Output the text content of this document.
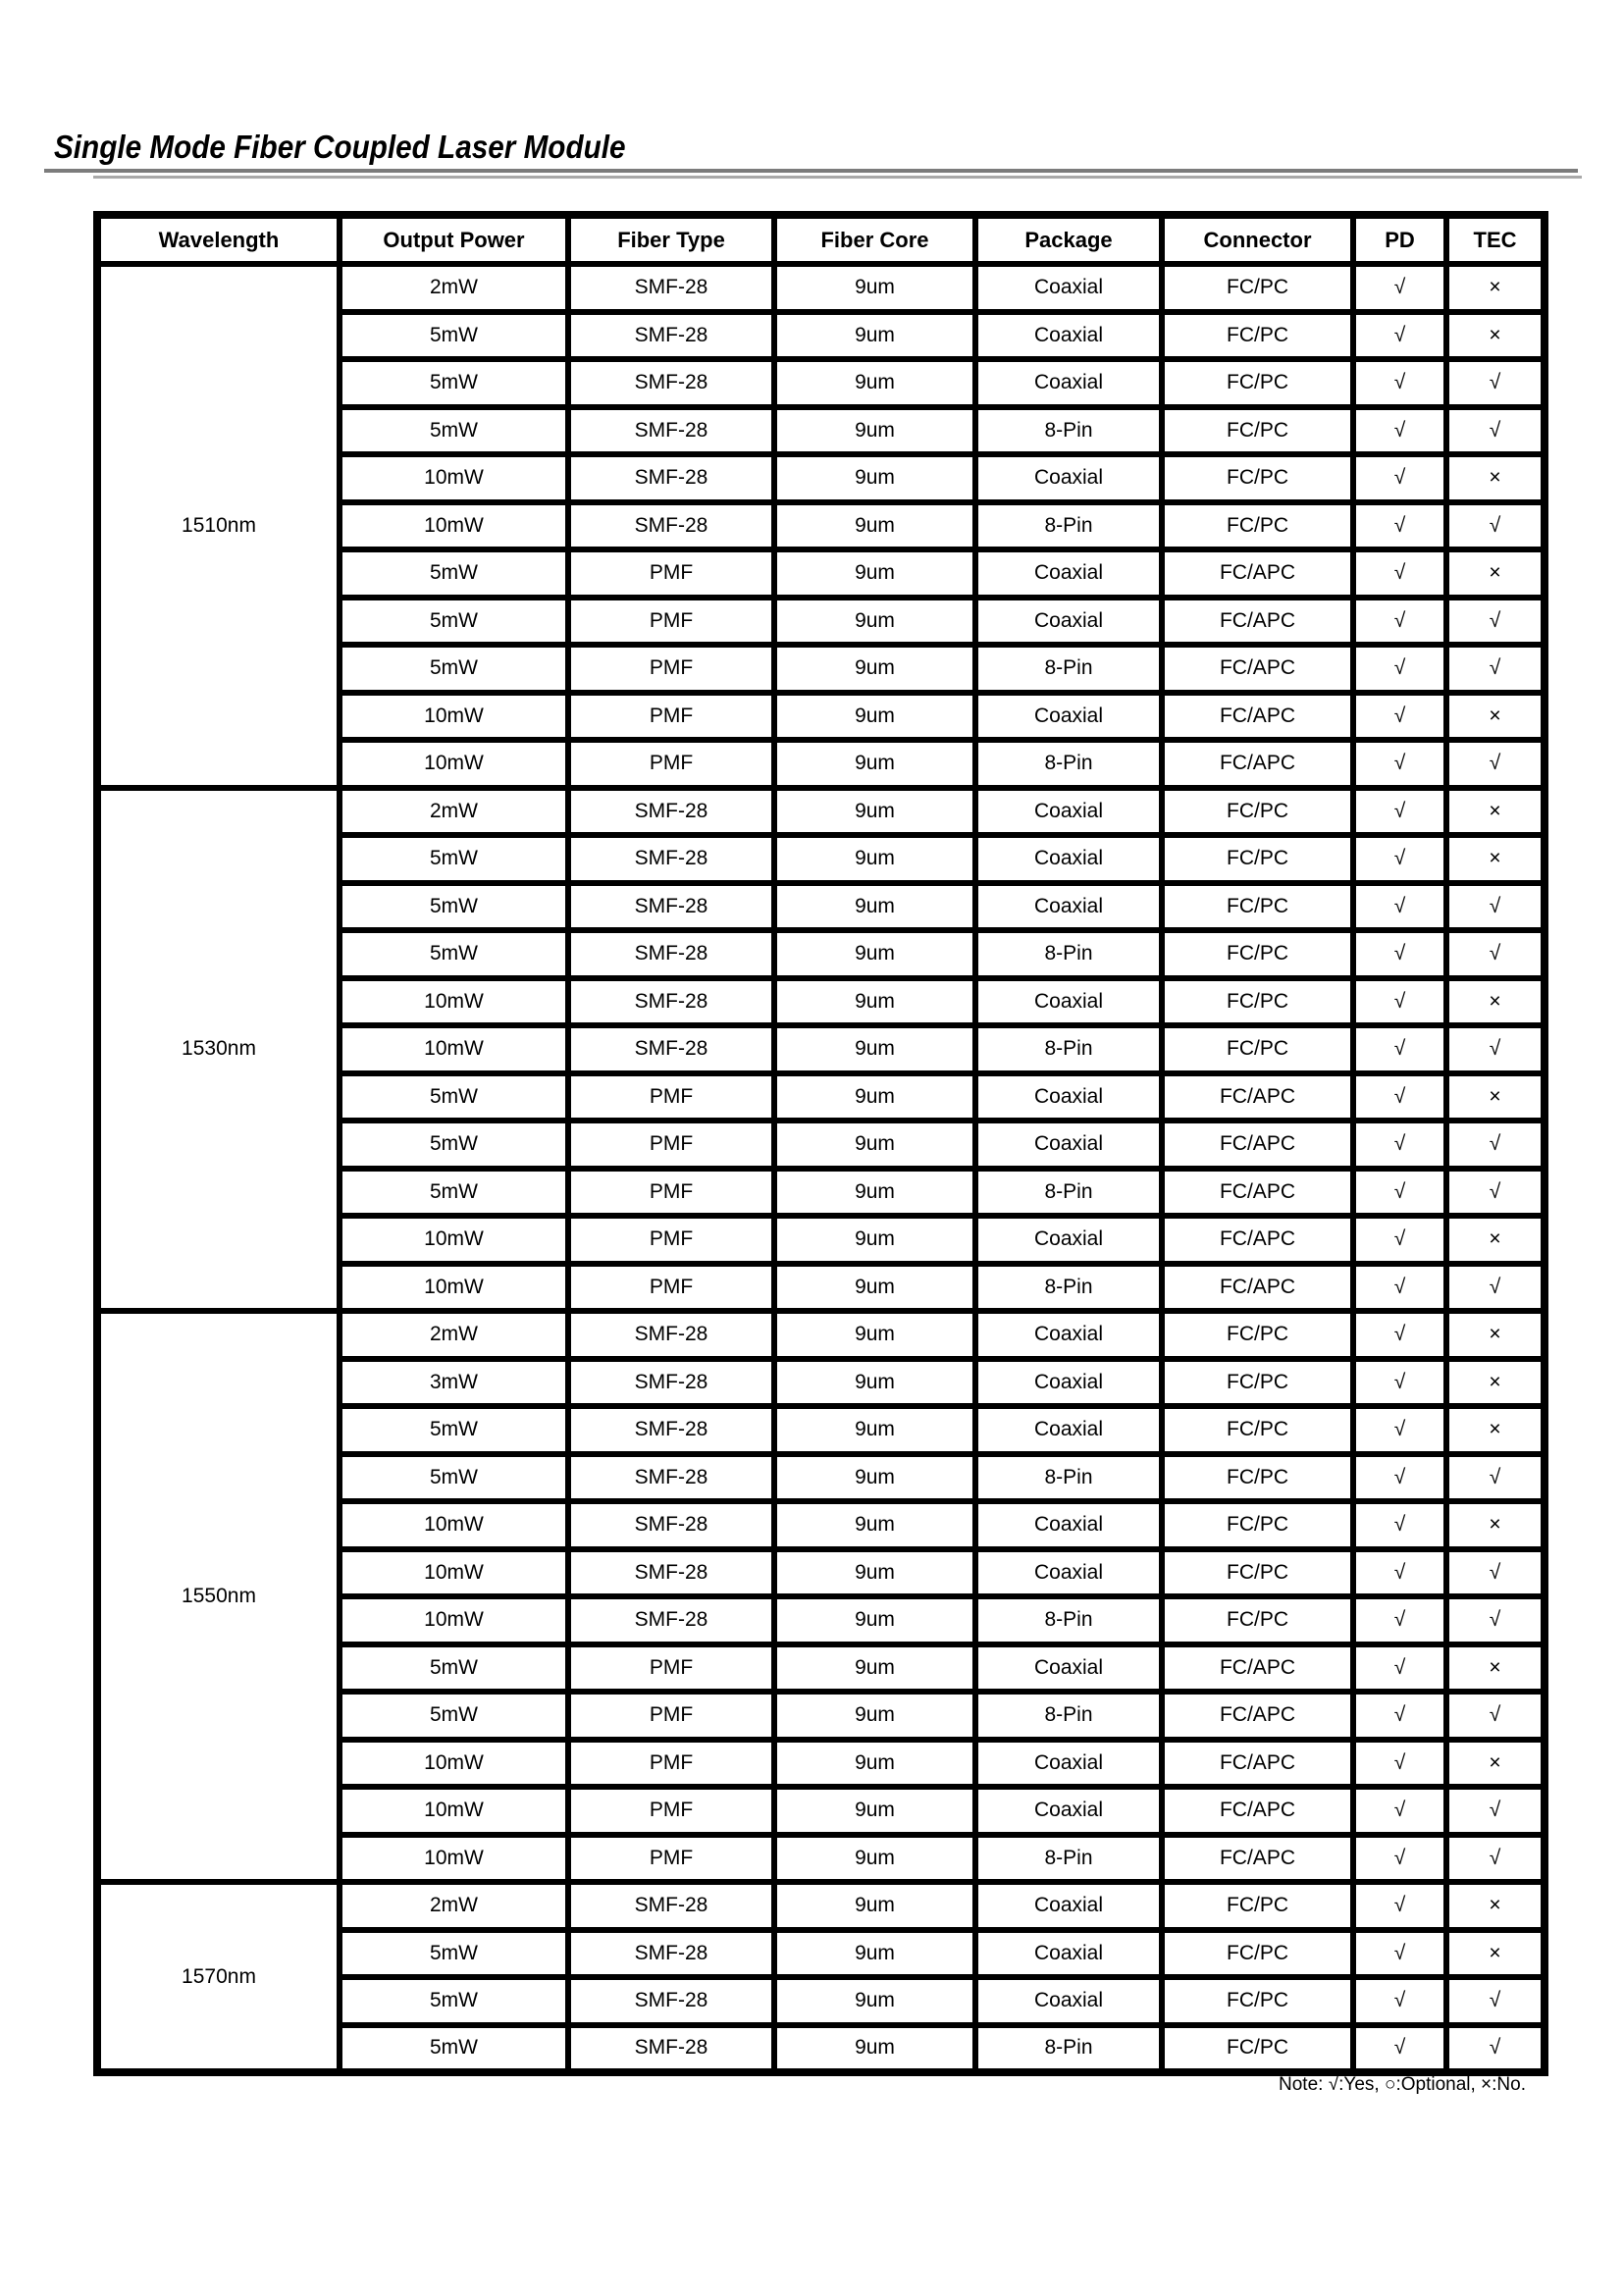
Single Mode Fiber Coupled Laser Module
Wavelength	Output Power	Fiber Type	Fiber Core	Package	Connector	PD	TEC
1510nm	2mW	SMF-28	9um	Coaxial	FC/PC	√	×
	5mW	SMF-28	9um	Coaxial	FC/PC	√	×
	5mW	SMF-28	9um	Coaxial	FC/PC	√	√
	5mW	SMF-28	9um	8-Pin	FC/PC	√	√
	10mW	SMF-28	9um	Coaxial	FC/PC	√	×
	10mW	SMF-28	9um	8-Pin	FC/PC	√	√
	5mW	PMF	9um	Coaxial	FC/APC	√	×
	5mW	PMF	9um	Coaxial	FC/APC	√	√
	5mW	PMF	9um	8-Pin	FC/APC	√	√
	10mW	PMF	9um	Coaxial	FC/APC	√	×
	10mW	PMF	9um	8-Pin	FC/APC	√	√
1530nm	2mW	SMF-28	9um	Coaxial	FC/PC	√	×
	5mW	SMF-28	9um	Coaxial	FC/PC	√	×
	5mW	SMF-28	9um	Coaxial	FC/PC	√	√
	5mW	SMF-28	9um	8-Pin	FC/PC	√	√
	10mW	SMF-28	9um	Coaxial	FC/PC	√	×
	10mW	SMF-28	9um	8-Pin	FC/PC	√	√
	5mW	PMF	9um	Coaxial	FC/APC	√	×
	5mW	PMF	9um	Coaxial	FC/APC	√	√
	5mW	PMF	9um	8-Pin	FC/APC	√	√
	10mW	PMF	9um	Coaxial	FC/APC	√	×
	10mW	PMF	9um	8-Pin	FC/APC	√	√
1550nm	2mW	SMF-28	9um	Coaxial	FC/PC	√	×
	3mW	SMF-28	9um	Coaxial	FC/PC	√	×
	5mW	SMF-28	9um	Coaxial	FC/PC	√	×
	5mW	SMF-28	9um	8-Pin	FC/PC	√	√
	10mW	SMF-28	9um	Coaxial	FC/PC	√	×
	10mW	SMF-28	9um	Coaxial	FC/PC	√	√
	10mW	SMF-28	9um	8-Pin	FC/PC	√	√
	5mW	PMF	9um	Coaxial	FC/APC	√	×
	5mW	PMF	9um	8-Pin	FC/APC	√	√
	10mW	PMF	9um	Coaxial	FC/APC	√	×
	10mW	PMF	9um	Coaxial	FC/APC	√	√
	10mW	PMF	9um	8-Pin	FC/APC	√	√
1570nm	2mW	SMF-28	9um	Coaxial	FC/PC	√	×
	5mW	SMF-28	9um	Coaxial	FC/PC	√	×
	5mW	SMF-28	9um	Coaxial	FC/PC	√	√
	5mW	SMF-28	9um	8-Pin	FC/PC	√	√
Note: √:Yes, ○:Optional, ×:No.
